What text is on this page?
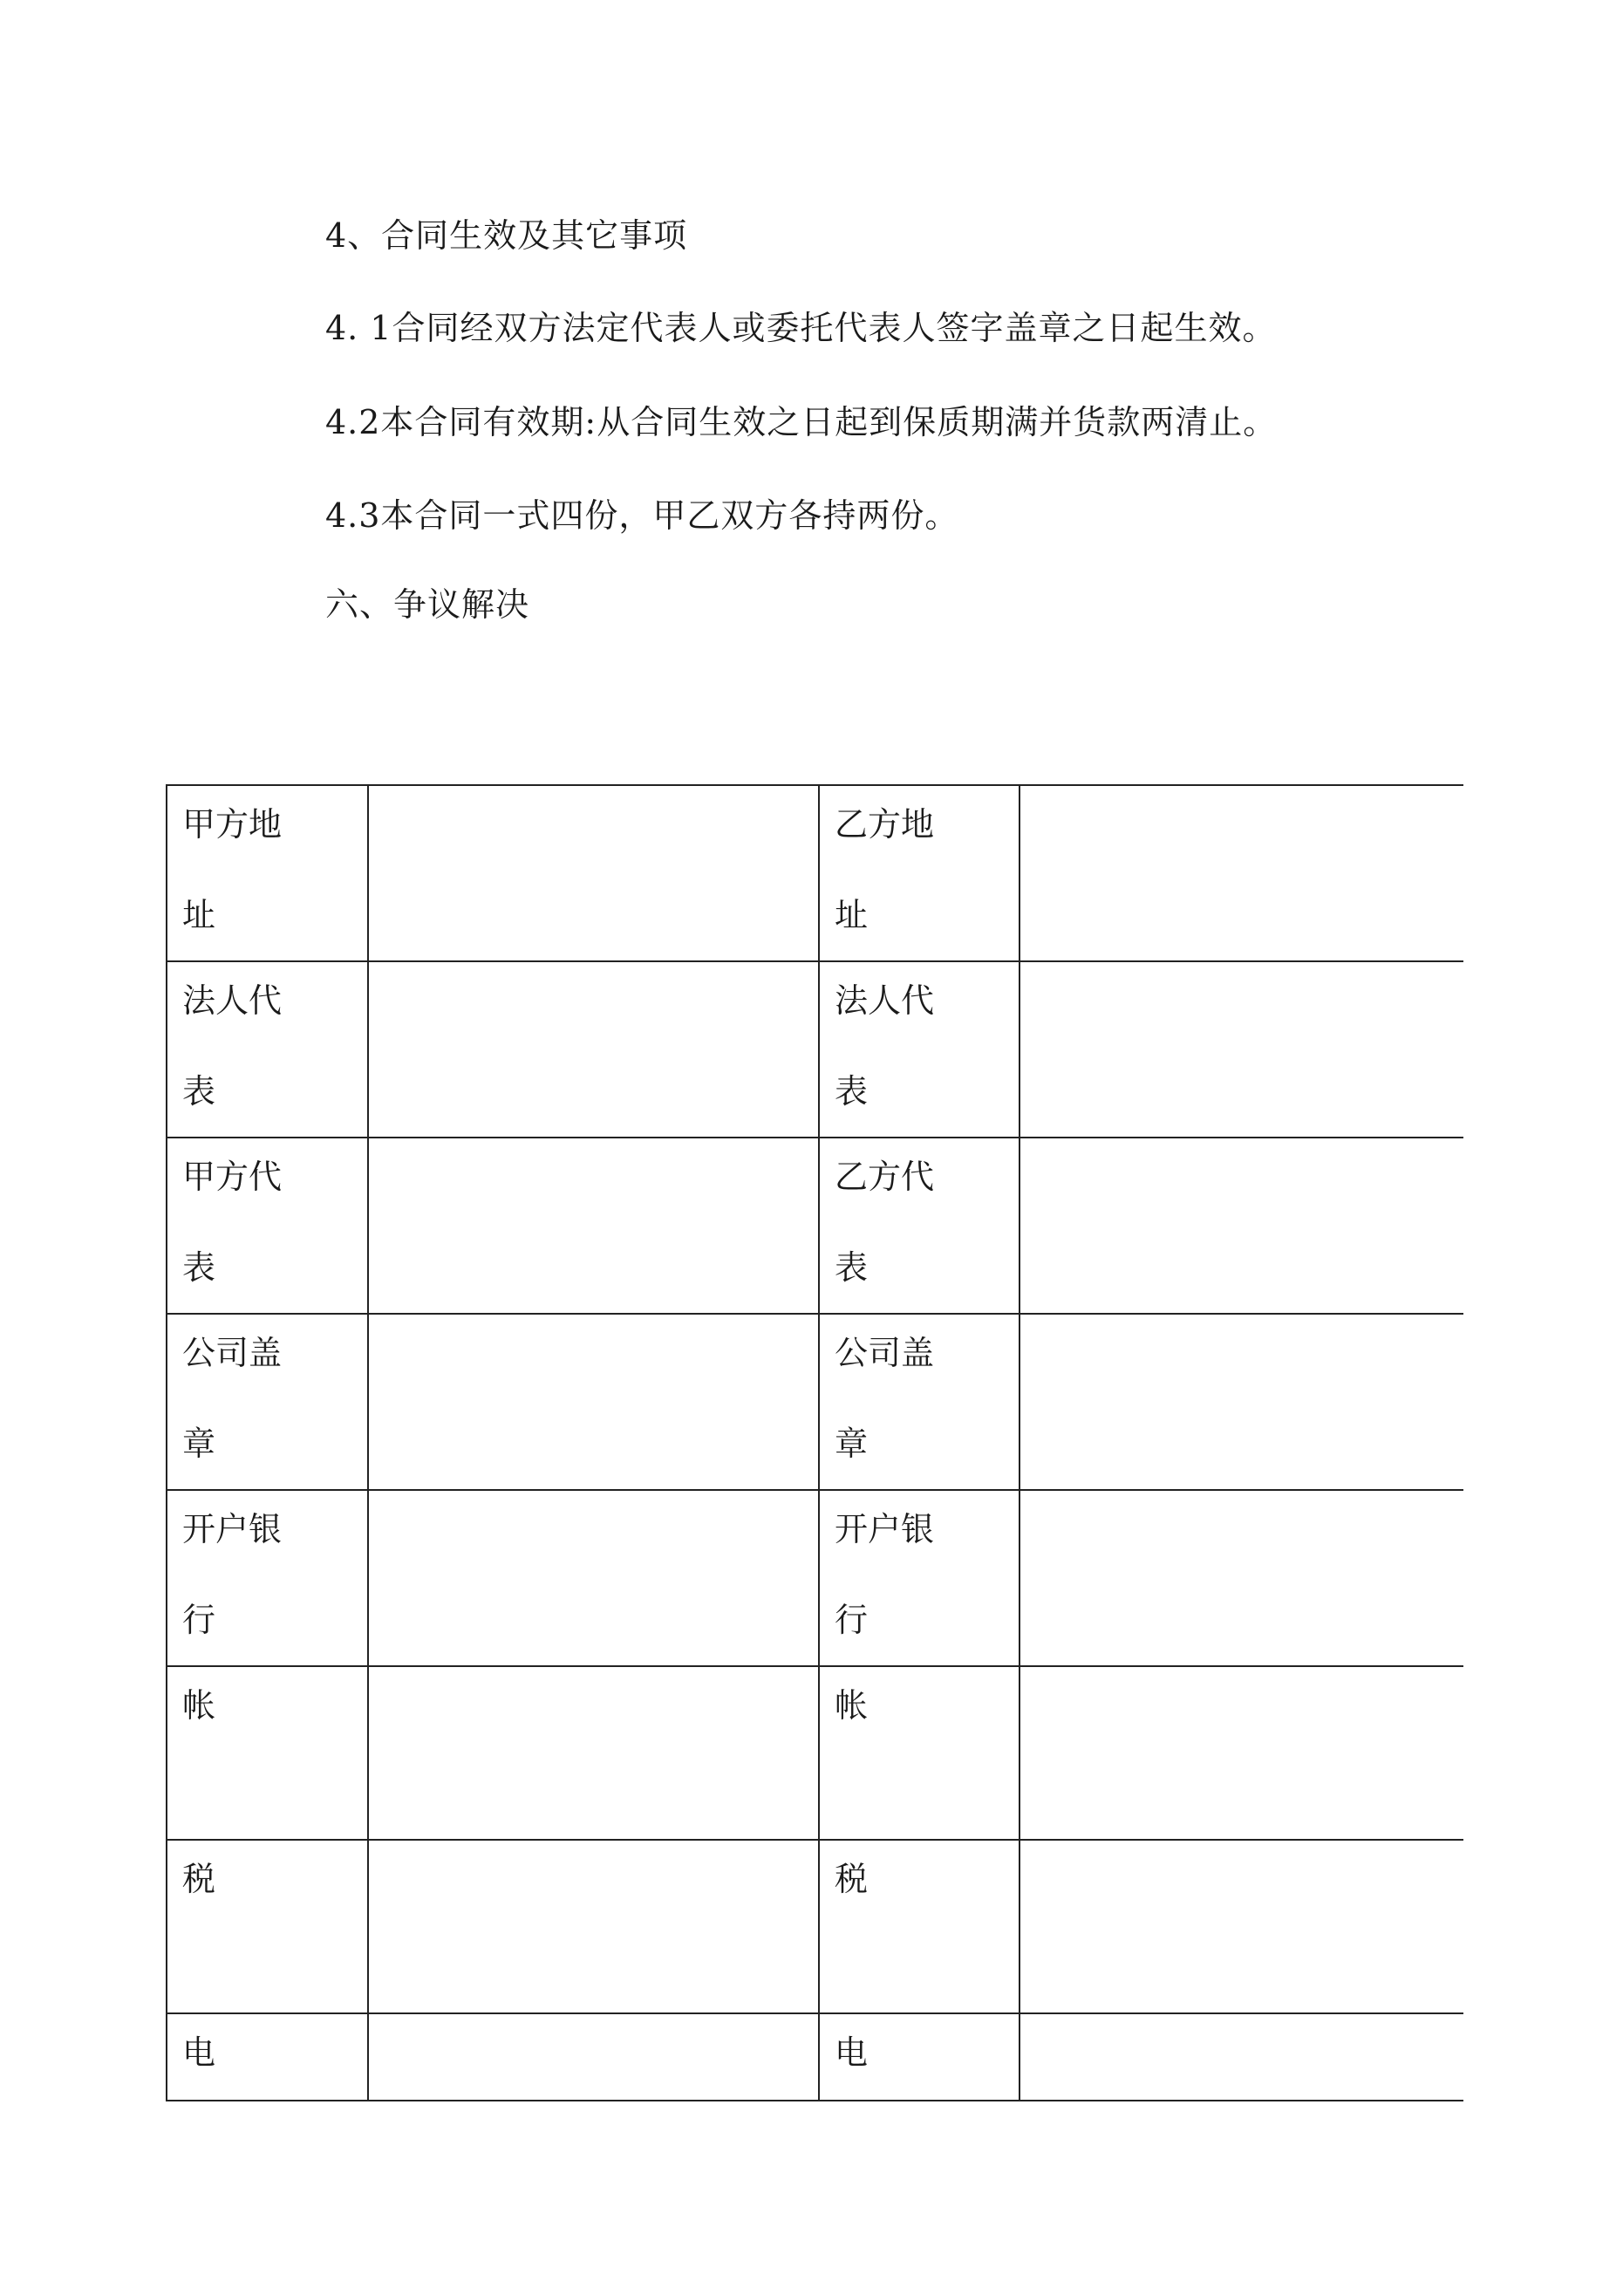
4、合同生效及其它事项
4. 1合同经双方法定代表人或委托代表人签字盖章之日起生效。
4.2本合同有效期:从合同生效之日起到保质期满并货款两清止。
4.3本合同一式四份，甲乙双方各持两份。
六、争议解决
甲方地址		乙方地址	

法人代表		法人代表	

甲方代表		乙方代表	

公司盖章		公司盖章	

开户银行		开户银行	

帐		帐	

税		税	

电		电	
